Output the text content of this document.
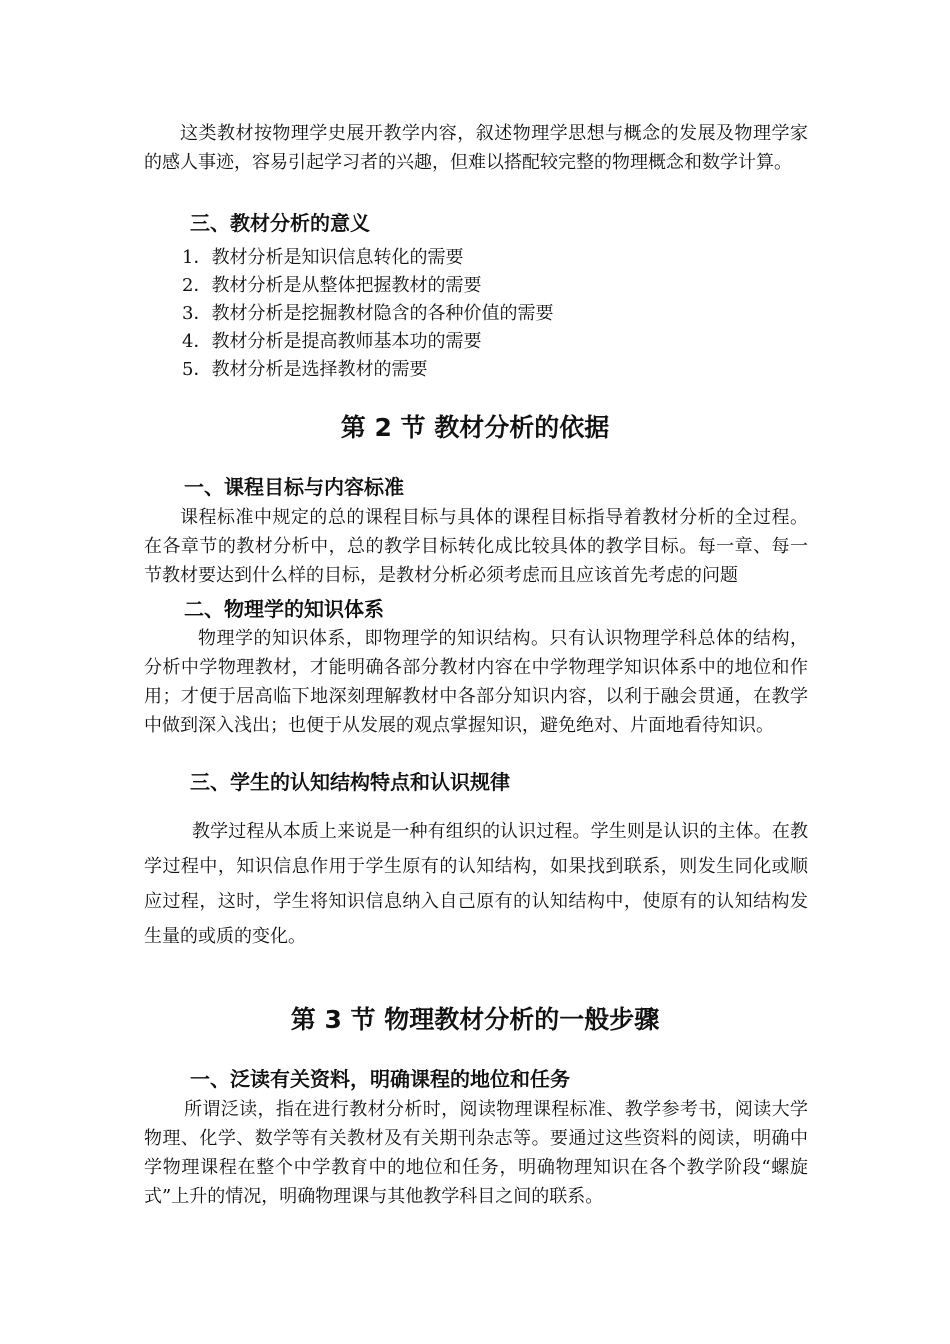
这类教材按物理学史展开教学内容，叙述物理学思想与概念的发展及物理学家的感人事迹，容易引起学习者的兴趣，但难以搭配较完整的物理概念和数学计算。

三、教材分析的意义

1．教材分析是知识信息转化的需要

2．教材分析是从整体把握教材的需要

3．教材分析是挖掘教材隐含的各种价值的需要

4．教材分析是提高教师基本功的需要

5．教材分析是选择教材的需要

第 2 节 教材分析的依据
一、课程目标与内容标准

课程标准中规定的总的课程目标与具体的课程目标指导着教材分析的全过程。在各章节的教材分析中，总的教学目标转化成比较具体的教学目标。每一章、每一节教材要达到什么样的目标，是教材分析必须考虑而且应该首先考虑的问题

二、物理学的知识体系

物理学的知识体系，即物理学的知识结构。只有认识物理学科总体的结构，分析中学物理教材，才能明确各部分教材内容在中学物理学知识体系中的地位和作用；才便于居高临下地深刻理解教材中各部分知识内容，以利于融会贯通，在教学中做到深入浅出；也便于从发展的观点掌握知识，避免绝对、片面地看待知识。

三、学生的认知结构特点和认识规律

教学过程从本质上来说是一种有组织的认识过程。学生则是认识的主体。在教学过程中，知识信息作用于学生原有的认知结构，如果找到联系，则发生同化或顺应过程，这时，学生将知识信息纳入自己原有的认知结构中，使原有的认知结构发生量的或质的变化。

第 3 节 物理教材分析的一般步骤
一、泛读有关资料，明确课程的地位和任务

所谓泛读，指在进行教材分析时，阅读物理课程标准、教学参考书，阅读大学物理、化学、数学等有关教材及有关期刊杂志等。要通过这些资料的阅读，明确中学物理课程在整个中学教育中的地位和任务，明确物理知识在各个教学阶段“螺旋式”上升的情况，明确物理课与其他教学科目之间的联系。
